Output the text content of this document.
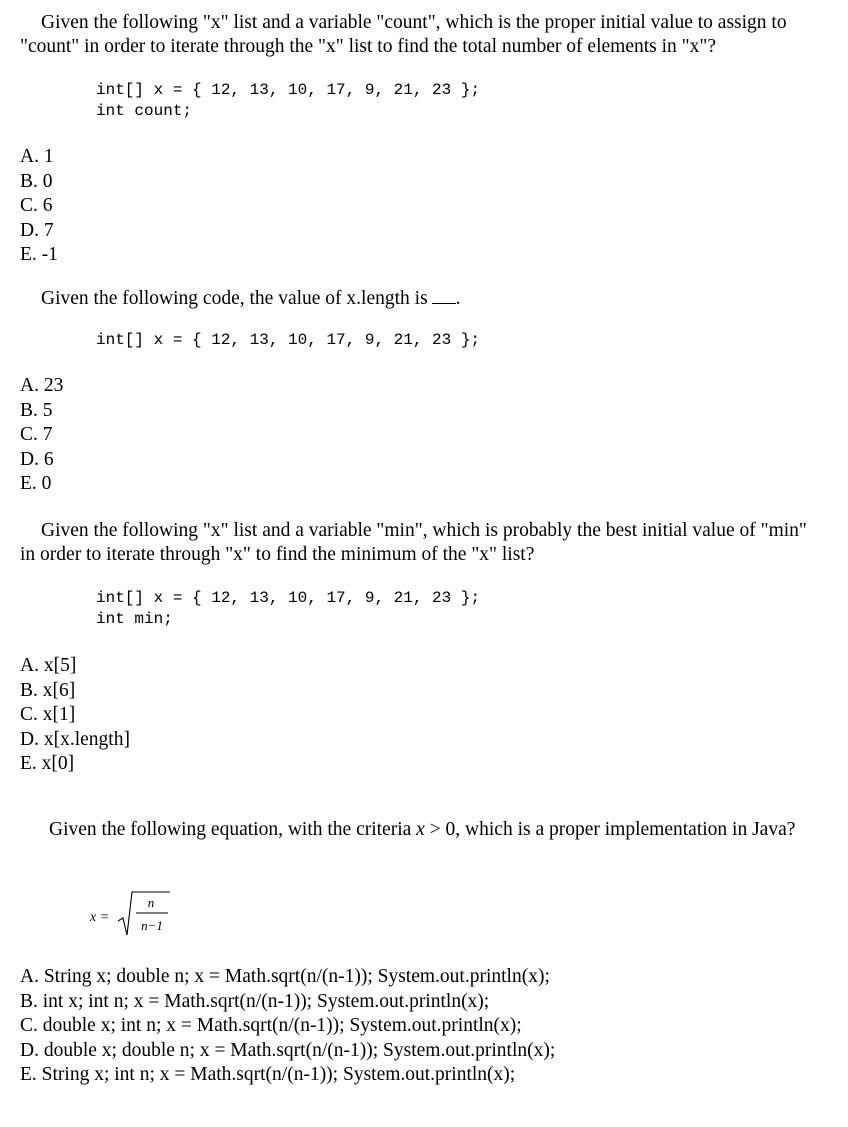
Given the following "x" list and a variable "count", which is the proper initial value to assign to "count" in order to iterate through the "x" list to find the total number of elements in "x"?

int[] x = { 12, 13, 10, 17, 9, 21, 23 };
int count;
A. 1
B. 0
C. 6
D. 7
E. -1

Given the following code, the value of x.length is .

int[] x = { 12, 13, 10, 17, 9, 21, 23 };
A. 23
B. 5
C. 7
D. 6
E. 0

Given the following "x" list and a variable "min", which is probably the best initial value of "min" in order to iterate through "x" to find the minimum of the "x" list?

int[] x = { 12, 13, 10, 17, 9, 21, 23 };
int min;
A. x[5]
B. x[6]
C. x[1]
D. x[x.length]
E. x[0]

Given the following equation, with the criteria x > 0, which is a proper implementation in Java?

A. String x; double n; x = Math.sqrt(n/(n-1)); System.out.println(x);
B. int x; int n; x = Math.sqrt(n/(n-1)); System.out.println(x);
C. double x; int n; x = Math.sqrt(n/(n-1)); System.out.println(x);
D. double x; double n; x = Math.sqrt(n/(n-1)); System.out.println(x);
E. String x; int n; x = Math.sqrt(n/(n-1)); System.out.println(x);
x =
n
n−1
